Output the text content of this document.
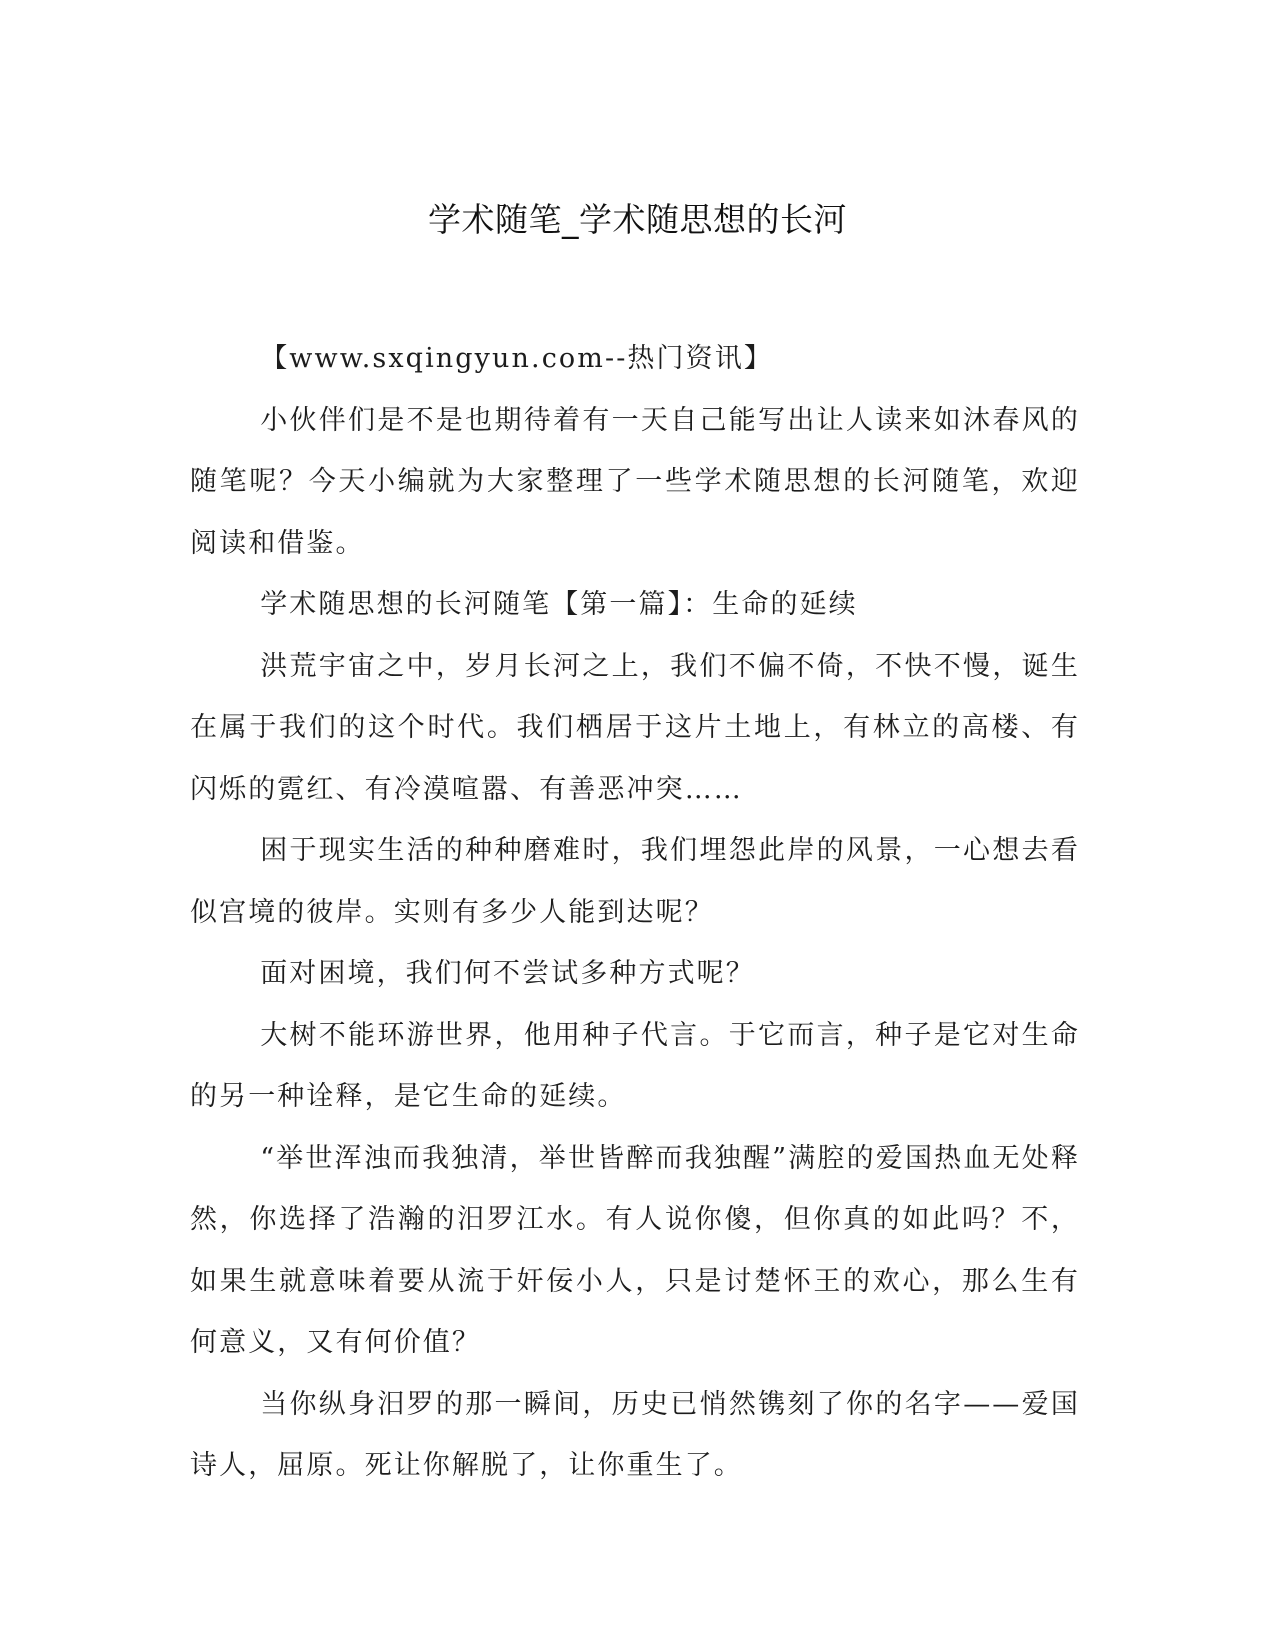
学术随笔_学术随思想的长河

【www.sxqingyun.com--热门资讯】

小伙伴们是不是也期待着有一天自己能写出让人读来如沐春风的随笔呢？今天小编就为大家整理了一些学术随思想的长河随笔，欢迎阅读和借鉴。

学术随思想的长河随笔【第一篇】：生命的延续

洪荒宇宙之中，岁月长河之上，我们不偏不倚，不快不慢，诞生在属于我们的这个时代。我们栖居于这片土地上，有林立的高楼、有闪烁的霓红、有冷漠喧嚣、有善恶冲突……

困于现实生活的种种磨难时，我们埋怨此岸的风景，一心想去看似宫境的彼岸。实则有多少人能到达呢？

面对困境，我们何不尝试多种方式呢？

大树不能环游世界，他用种子代言。于它而言，种子是它对生命的另一种诠释，是它生命的延续。

“举世浑浊而我独清，举世皆醉而我独醒”满腔的爱国热血无处释然，你选择了浩瀚的汨罗江水。有人说你傻，但你真的如此吗？不，如果生就意味着要从流于奸佞小人，只是讨楚怀王的欢心，那么生有何意义，又有何价值？

当你纵身汨罗的那一瞬间，历史已悄然镌刻了你的名字——爱国诗人，屈原。死让你解脱了，让你重生了。
